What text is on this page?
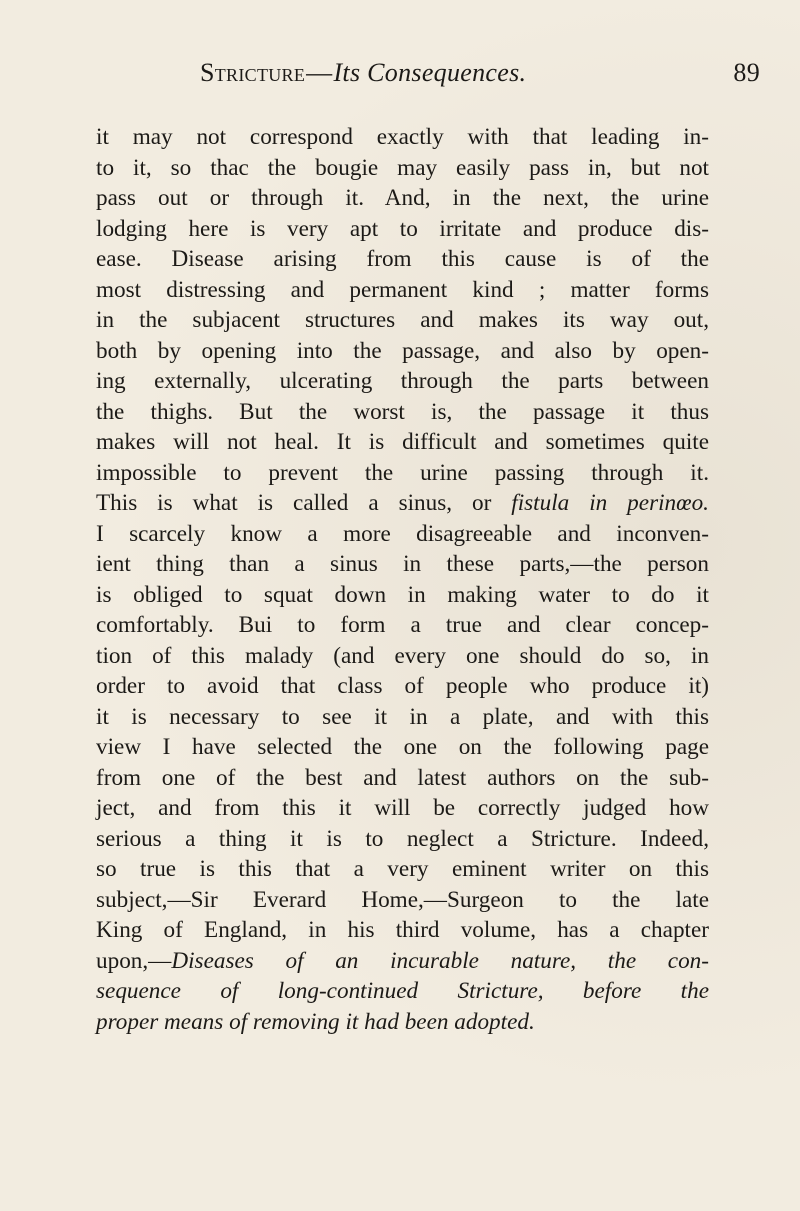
Stricture—Its Consequences.	89
it may not correspond exactly with that leading in-
to it, so thac the bougie may easily pass in, but not
pass out or through it. And, in the next, the urine
lodging here is very apt to irritate and produce dis-
ease. Disease arising from this cause is of the
most distressing and permanent kind ; matter forms
in the subjacent structures and makes its way out,
both by opening into the passage, and also by open-
ing externally, ulcerating through the parts between
the thighs. But the worst is, the passage it thus
makes will not heal. It is difficult and sometimes quite
impossible to prevent the urine passing through it.
This is what is called a sinus, or fistula in perinœo.
I scarcely know a more disagreeable and inconven-
ient thing than a sinus in these parts,—the person
is obliged to squat down in making water to do it
comfortably. Bui to form a true and clear concep-
tion of this malady (and every one should do so, in
order to avoid that class of people who produce it)
it is necessary to see it in a plate, and with this
view I have selected the one on the following page
from one of the best and latest authors on the sub-
ject, and from this it will be correctly judged how
serious a thing it is to neglect a Stricture. Indeed,
so true is this that a very eminent writer on this
subject,—Sir Everard Home,—Surgeon to the late
King of England, in his third volume, has a chapter
upon,—Diseases of an incurable nature, the con-
sequence of long-continued Stricture, before the
proper means of removing it had been adopted.
